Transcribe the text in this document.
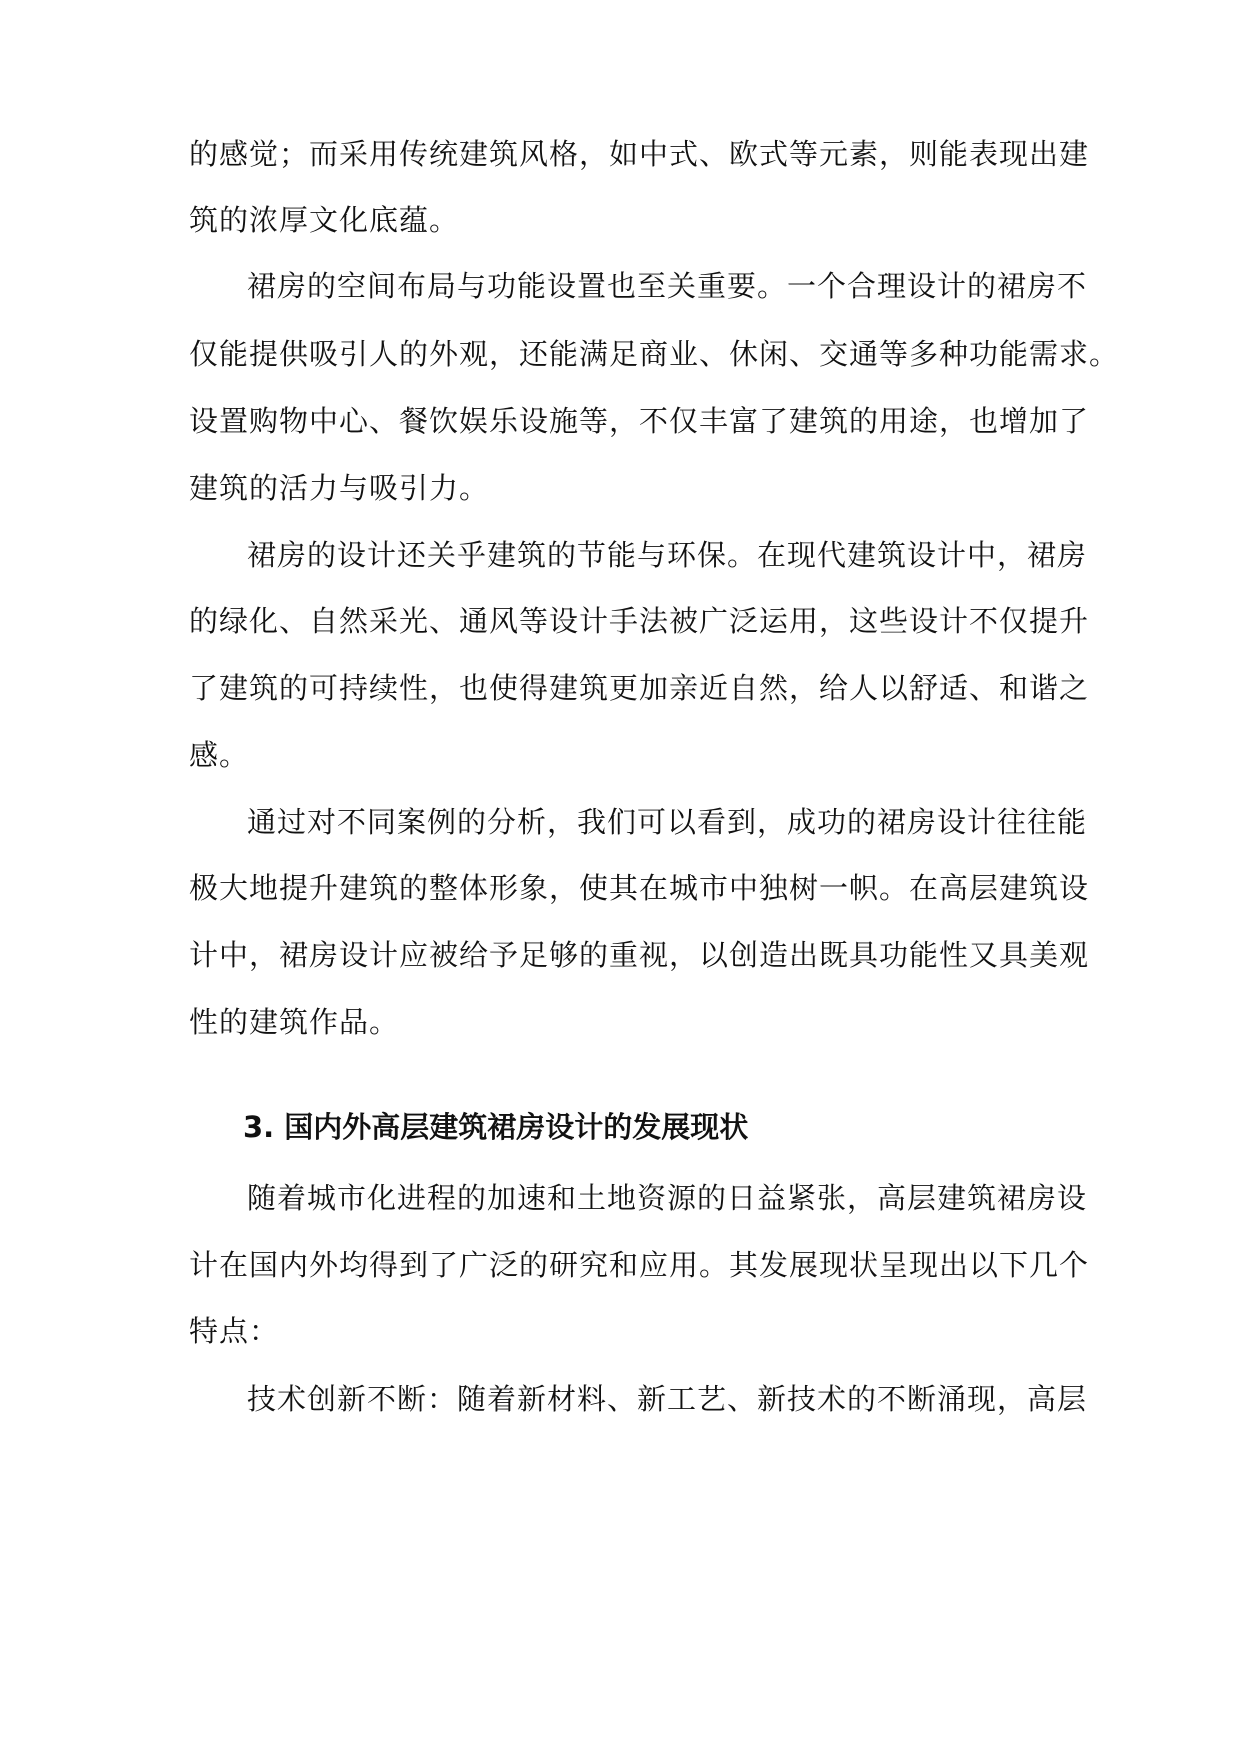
的感觉；而采用传统建筑风格，如中式、欧式等元素，则能表现出建
筑的浓厚文化底蕴。
裙房的空间布局与功能设置也至关重要。一个合理设计的裙房不
仅能提供吸引人的外观，还能满足商业、休闲、交通等多种功能需求。
设置购物中心、餐饮娱乐设施等，不仅丰富了建筑的用途，也增加了
建筑的活力与吸引力。
裙房的设计还关乎建筑的节能与环保。在现代建筑设计中，裙房
的绿化、自然采光、通风等设计手法被广泛运用，这些设计不仅提升
了建筑的可持续性，也使得建筑更加亲近自然，给人以舒适、和谐之
感。
通过对不同案例的分析，我们可以看到，成功的裙房设计往往能
极大地提升建筑的整体形象，使其在城市中独树一帜。在高层建筑设
计中，裙房设计应被给予足够的重视，以创造出既具功能性又具美观
性的建筑作品。
3. 国内外高层建筑裙房设计的发展现状
随着城市化进程的加速和土地资源的日益紧张，高层建筑裙房设
计在国内外均得到了广泛的研究和应用。其发展现状呈现出以下几个
特点：
技术创新不断：随着新材料、新工艺、新技术的不断涌现，高层
